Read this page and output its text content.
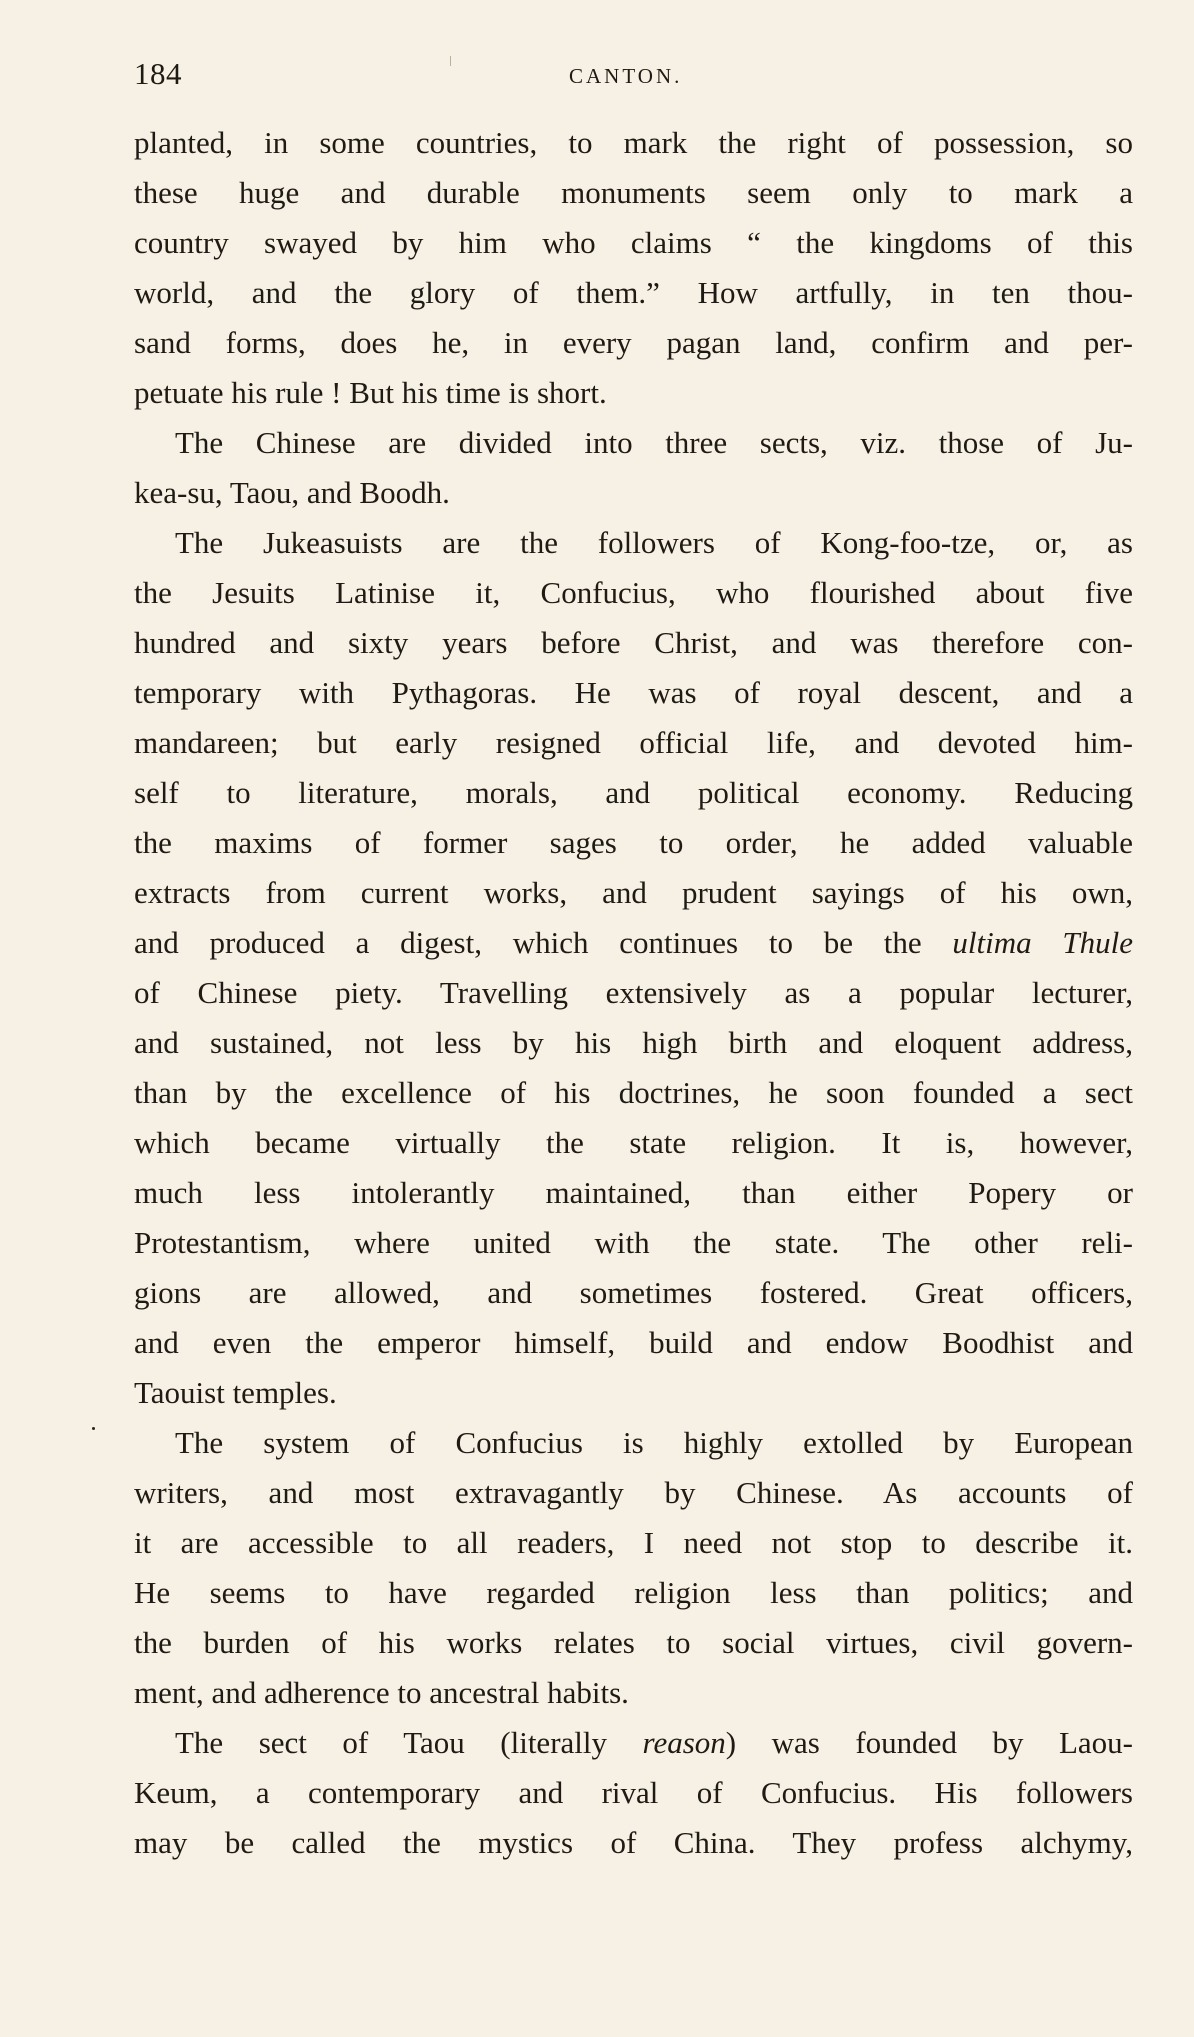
184	CANTON.

planted, in some countries, to mark the right of possession, so
these huge and durable monuments seem only to mark a
country swayed by him who claims “ the kingdoms of this
world, and the glory of them.” How artfully, in ten thou-
sand forms, does he, in every pagan land, confirm and per-
petuate his rule ! But his time is short.

The Chinese are divided into three sects, viz. those of Ju-
kea-su, Taou, and Boodh.

The Jukeasuists are the followers of Kong-foo-tze, or, as
the Jesuits Latinise it, Confucius, who flourished about five
hundred and sixty years before Christ, and was therefore con-
temporary with Pythagoras. He was of royal descent, and a
mandareen; but early resigned official life, and devoted him-
self to literature, morals, and political economy. Reducing
the maxims of former sages to order, he added valuable
extracts from current works, and prudent sayings of his own,
and produced a digest, which continues to be the ultima Thule
of Chinese piety. Travelling extensively as a popular lecturer,
and sustained, not less by his high birth and eloquent address,
than by the excellence of his doctrines, he soon founded a sect
which became virtually the state religion. It is, however,
much less intolerantly maintained, than either Popery or
Protestantism, where united with the state. The other reli-
gions are allowed, and sometimes fostered. Great officers,
and even the emperor himself, build and endow Boodhist and
Taouist temples.

The system of Confucius is highly extolled by European
writers, and most extravagantly by Chinese. As accounts of
it are accessible to all readers, I need not stop to describe it.
He seems to have regarded religion less than politics; and
the burden of his works relates to social virtues, civil govern-
ment, and adherence to ancestral habits.

The sect of Taou (literally reason) was founded by Laou-
Keum, a contemporary and rival of Confucius. His followers
may be called the mystics of China. They profess alchymy,
